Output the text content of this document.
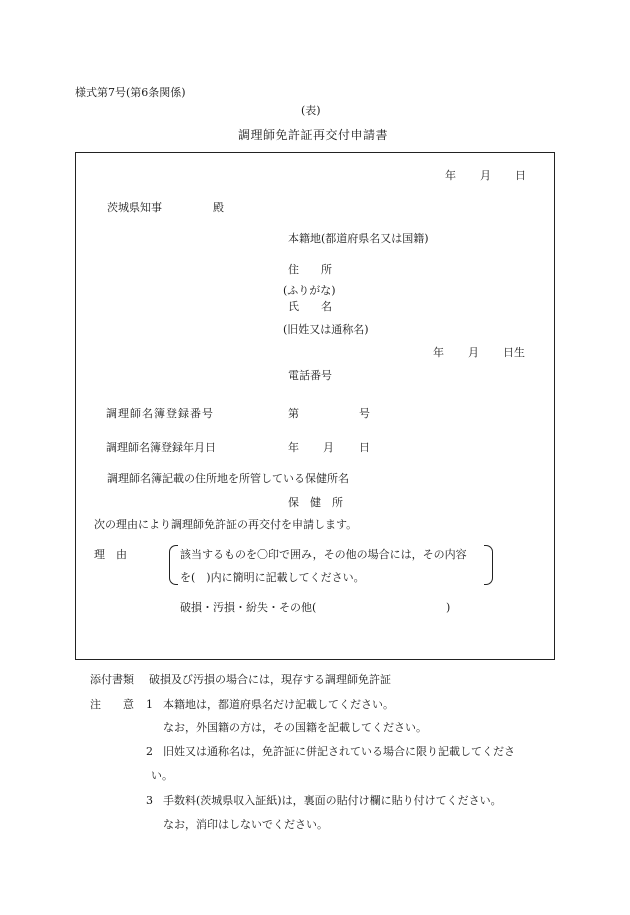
様式第7号(第6条関係)
(表)
調理師免許証再交付申請書
年 月 日
茨城県知事	殿
本籍地(都道府県名又は国籍)
住　　所
(ふりがな)
氏　　名
(旧姓又は通称名)
年 月 日生
電話番号
調理師名簿登録番号	第	号
調理師名簿登録年月日	年 月 日
調理師名簿記載の住所地を所管している保健所名
保　健　所
次の理由により調理師免許証の再交付を申請します。
理　由	該当するものを〇印で囲み，その他の場合には，その内容
を(　)内に簡明に記載してください。
破損・汚損・紛失・その他(	)
添付書類 破損及び汚損の場合には，現存する調理師免許証
注　　意 1 本籍地は，都道府県名だけ記載してください。
なお，外国籍の方は，その国籍を記載してください。
2 旧姓又は通称名は，免許証に併記されている場合に限り記載してくださ
い。
3 手数料(茨城県収入証紙)は，裏面の貼付け欄に貼り付けてください。
なお，消印はしないでください。
